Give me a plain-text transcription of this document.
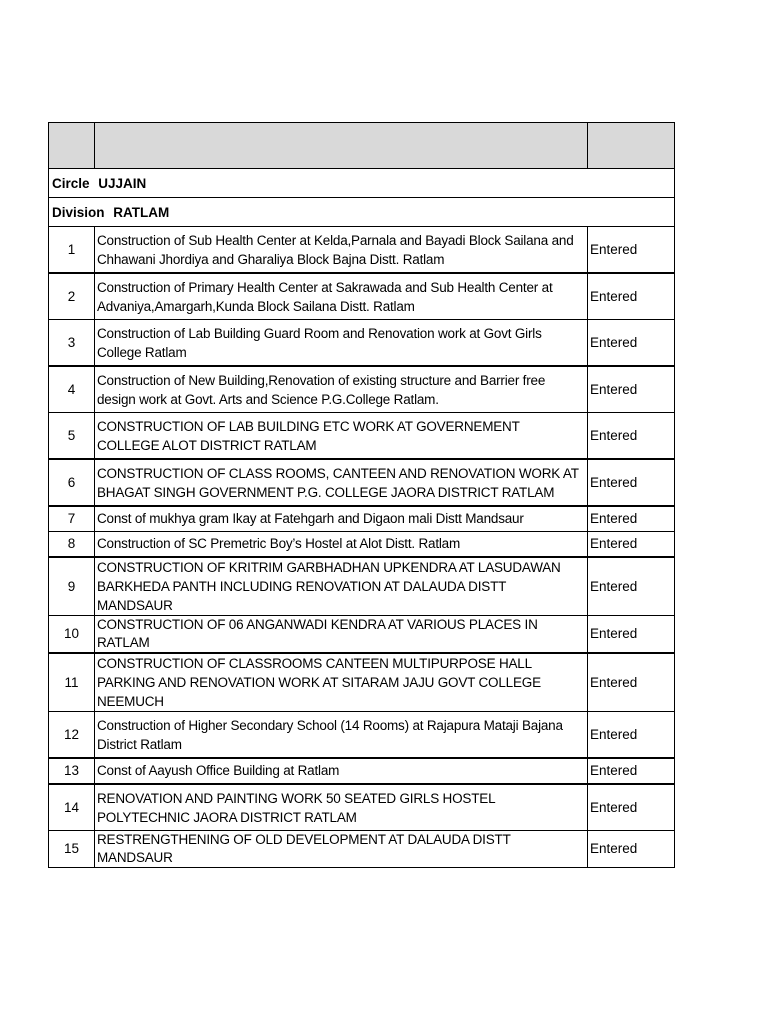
Circle UJJAIN		
Division RATLAM		
1	Construction of Sub Health Center at Kelda,Parnala and Bayadi Block Sailana and Chhawani Jhordiya and Gharaliya Block Bajna Distt. Ratlam	Entered
2	Construction of Primary Health Center at Sakrawada and Sub Health Center at Advaniya,Amargarh,Kunda Block Sailana Distt. Ratlam	Entered
3	Construction of Lab Building Guard Room and Renovation work at Govt Girls College Ratlam	Entered
4	Construction of New Building,Renovation of existing structure and Barrier free design work at Govt. Arts and Science P.G.College Ratlam.	Entered
5	CONSTRUCTION OF LAB BUILDING ETC WORK AT GOVERNEMENT COLLEGE ALOT DISTRICT RATLAM	Entered
6	CONSTRUCTION OF CLASS ROOMS, CANTEEN AND RENOVATION WORK AT BHAGAT SINGH GOVERNMENT P.G. COLLEGE JAORA DISTRICT RATLAM	Entered
7	Const of mukhya gram Ikay at Fatehgarh and Digaon mali Distt Mandsaur	Entered
8	Construction of SC Premetric Boy’s Hostel at Alot Distt. Ratlam	Entered
9	CONSTRUCTION OF KRITRIM GARBHADHAN UPKENDRA AT LASUDAWAN BARKHEDA PANTH INCLUDING RENOVATION AT DALAUDA DISTT MANDSAUR	Entered
10	CONSTRUCTION OF 06 ANGANWADI KENDRA AT VARIOUS PLACES IN RATLAM	Entered
11	CONSTRUCTION OF CLASSROOMS CANTEEN MULTIPURPOSE HALL PARKING AND RENOVATION WORK AT SITARAM JAJU GOVT COLLEGE NEEMUCH	Entered
12	Construction of Higher Secondary School (14 Rooms) at Rajapura Mataji Bajana District Ratlam	Entered
13	Const of Aayush Office Building at Ratlam	Entered
14	RENOVATION AND PAINTING WORK 50 SEATED GIRLS HOSTEL POLYTECHNIC JAORA DISTRICT RATLAM	Entered
15	RESTRENGTHENING OF OLD DEVELOPMENT AT DALAUDA DISTT MANDSAUR	Entered
